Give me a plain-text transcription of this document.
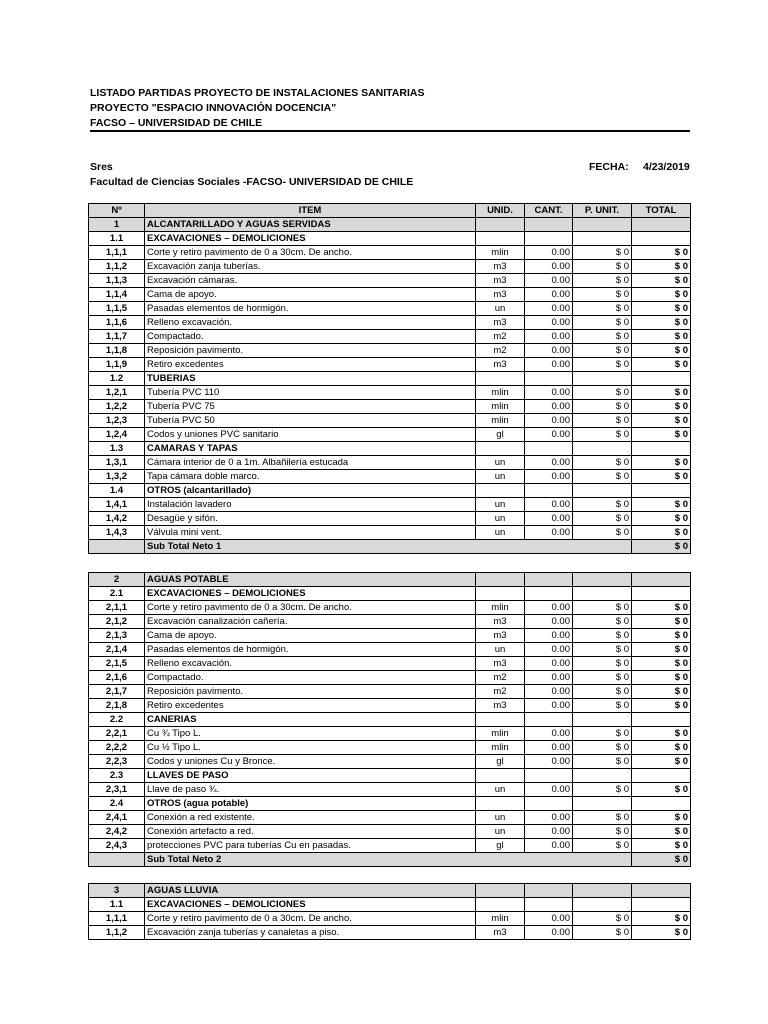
LISTADO PARTIDAS PROYECTO DE INSTALACIONES SANITARIAS
PROYECTO "ESPACIO INNOVACIÓN DOCENCIA"
FACSO – UNIVERSIDAD DE CHILE
Sres
Facultad de Ciencias Sociales -FACSO- UNIVERSIDAD DE CHILE
FECHA: 4/23/2019
Nº	ITEM	UNID.	CANT.	P. UNIT.	TOTAL
1	ALCANTARILLADO Y AGUAS SERVIDAS				
1.1	EXCAVACIONES – DEMOLICIONES				
1,1,1	Corte y retiro pavimento de 0 a 30cm. De ancho.	mlin	0.00	$ 0	$ 0
1,1,2	Excavación zanja tuberías.	m3	0.00	$ 0	$ 0
1,1,3	Excavación cámaras.	m3	0.00	$ 0	$ 0
1,1,4	Cama de apoyo.	m3	0.00	$ 0	$ 0
1,1,5	Pasadas elementos de hormigón.	un	0.00	$ 0	$ 0
1,1,6	Relleno excavación.	m3	0.00	$ 0	$ 0
1,1,7	Compactado.	m2	0.00	$ 0	$ 0
1,1,8	Reposición pavimento.	m2	0.00	$ 0	$ 0
1,1,9	Retiro excedentes	m3	0.00	$ 0	$ 0
1.2	TUBERIAS				
1,2,1	Tubería PVC 110	mlin	0.00	$ 0	$ 0
1,2,2	Tubería PVC 75	mlin	0.00	$ 0	$ 0
1,2,3	Tubería PVC 50	mlin	0.00	$ 0	$ 0
1,2,4	Codos y uniones PVC sanitario	gl	0.00	$ 0	$ 0
1.3	CAMARAS Y TAPAS				
1,3,1	Cámara interior de 0 a 1m. Albañilería estucada	un	0.00	$ 0	$ 0
1,3,2	Tapa cámara doble marco.	un	0.00	$ 0	$ 0
1.4	OTROS (alcantarillado)				
1,4,1	Instalación lavadero	un	0.00	$ 0	$ 0
1,4,2	Desagüe y sifón.	un	0.00	$ 0	$ 0
1,4,3	Válvula mini vent.	un	0.00	$ 0	$ 0
	Sub Total Neto 1				$ 0
2	AGUAS POTABLE				
2.1	EXCAVACIONES – DEMOLICIONES				
2,1,1	Corte y retiro pavimento de 0 a 30cm. De ancho.	mlin	0.00	$ 0	$ 0
2,1,2	Excavación canalización cañería.	m3	0.00	$ 0	$ 0
2,1,3	Cama de apoyo.	m3	0.00	$ 0	$ 0
2,1,4	Pasadas elementos de hormigón.	un	0.00	$ 0	$ 0
2,1,5	Relleno excavación.	m3	0.00	$ 0	$ 0
2,1,6	Compactado.	m2	0.00	$ 0	$ 0
2,1,7	Reposición pavimento.	m2	0.00	$ 0	$ 0
2,1,8	Retiro excedentes	m3	0.00	$ 0	$ 0
2.2	CANERIAS				
2,2,1	Cu ¾ Tipo L.	mlin	0.00	$ 0	$ 0
2,2,2	Cu ½ Tipo L.	mlin	0.00	$ 0	$ 0
2,2,3	Codos y uniones Cu y Bronce.	gl	0.00	$ 0	$ 0
2.3	LLAVES DE PASO				
2,3,1	Llave de paso ¾.	un	0.00	$ 0	$ 0
2.4	OTROS (agua potable)				
2,4,1	Conexión a red existente.	un	0.00	$ 0	$ 0
2,4,2	Conexión artefacto a red.	un	0.00	$ 0	$ 0
2,4,3	protecciones PVC para tuberías Cu en pasadas.	gl	0.00	$ 0	$ 0
	Sub Total Neto 2				$ 0
3	AGUAS LLUVIA				
1.1	EXCAVACIONES – DEMOLICIONES				
1,1,1	Corte y retiro pavimento de 0 a 30cm. De ancho.	mlin	0.00	$ 0	$ 0
1,1,2	Excavación zanja tuberías y canaletas a piso.	m3	0.00	$ 0	$ 0
